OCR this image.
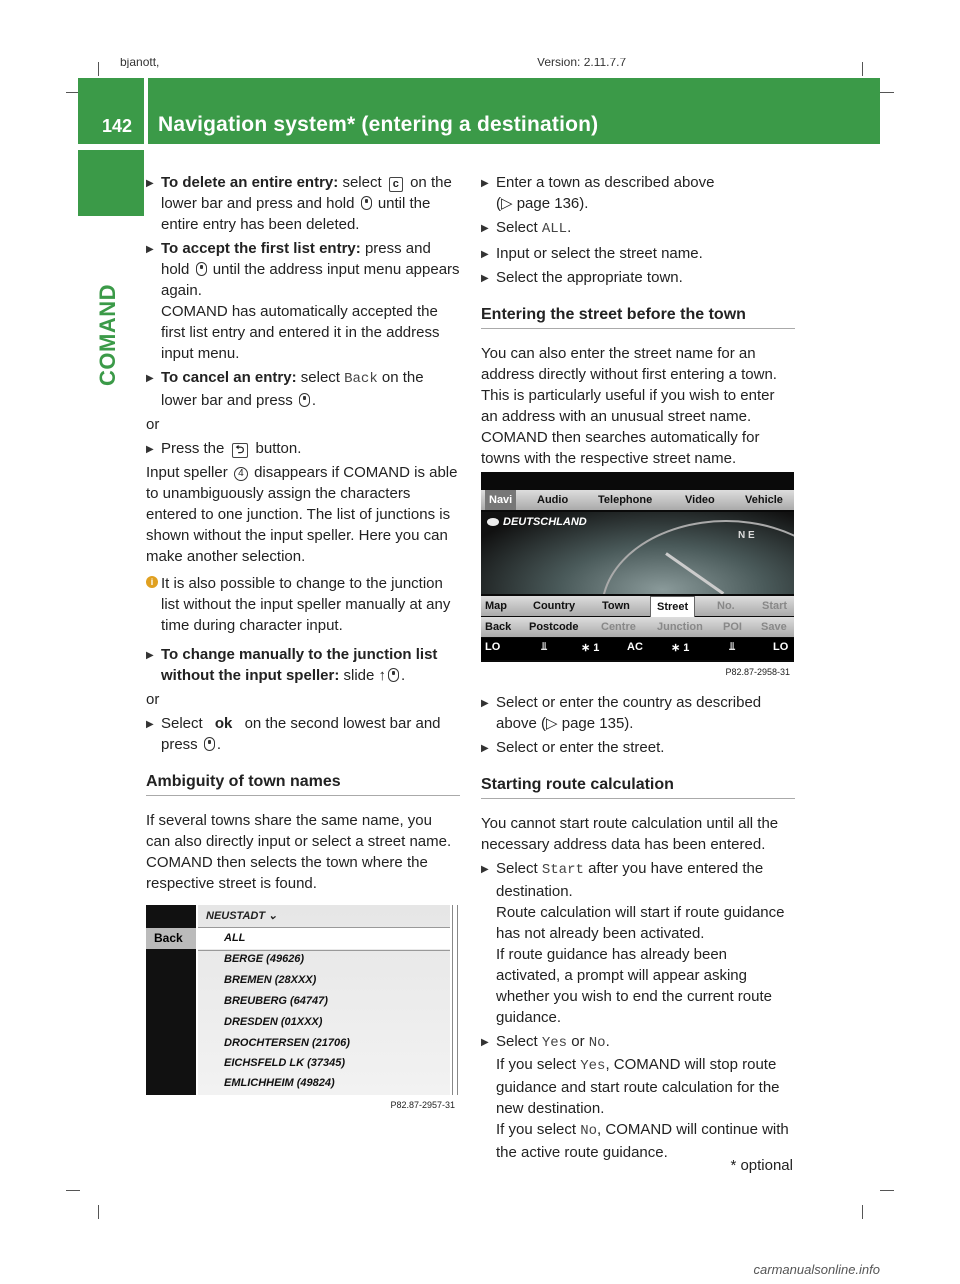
bjanott,	Version: 2.11.7.7
142 Navigation system* (entering a destination)
COMAND
▶ To delete an entire entry: select c on the lower bar and press and hold until the entire entry has been deleted.
▶ To accept the first list entry: press and hold until the address input menu appears again.
COMAND has automatically accepted the first list entry and entered it in the address input menu.
▶ To cancel an entry: select Back on the lower bar and press .
or
▶ Press the ⮌ button.
Input speller 4 disappears if COMAND is able to unambiguously assign the characters entered to one junction. The list of junctions is shown without the input speller. Here you can make another selection.
i It is also possible to change to the junction list without the input speller manually at any time during character input.
▶ To change manually to the junction list without the input speller: slide ↑ .
or
▶ Select ok on the second lowest bar and press .
Ambiguity of town names
If several towns share the same name, you can also directly input or select a street name. COMAND then selects the town where the respective street is found.
Back
NEUSTADT ⌄
ALL
BERGE (49626)
BREMEN (28XXX)
BREUBERG (64747)
DRESDEN (01XXX)
DROCHTERSEN (21706)
EICHSFELD LK (37345)
EMLICHHEIM (49824)
P82.87-2957-31
▶ Enter a town as described above
(▷ page 136).
▶ Select ALL.
▶ Input or select the street name.
▶ Select the appropriate town.
Entering the street before the town
You can also enter the street name for an address directly without first entering a town. This is particularly useful if you wish to enter an address with an unusual street name. COMAND then searches automatically for towns with the respective street name.
Navi	Audio	Telephone	Video	Vehicle
DEUTSCHLAND
N E
Map Country Town	Street	No. Start
Back Postcode Centre Junction POI Save
LO	⫫	∗ 1	AC	∗ 1	⫫	LO
P82.87-2958-31
▶ Select or enter the country as described above (▷ page 135).
▶ Select or enter the street.
Starting route calculation
You cannot start route calculation until all the necessary address data has been entered.
▶ Select Start after you have entered the destination.
Route calculation will start if route guidance has not already been activated.
If route guidance has already been activated, a prompt will appear asking whether you wish to end the current route guidance.
▶ Select Yes or No.
If you select Yes, COMAND will stop route guidance and start route calculation for the new destination.
If you select No, COMAND will continue with the active route guidance.
* optional
carmanualsonline.info
